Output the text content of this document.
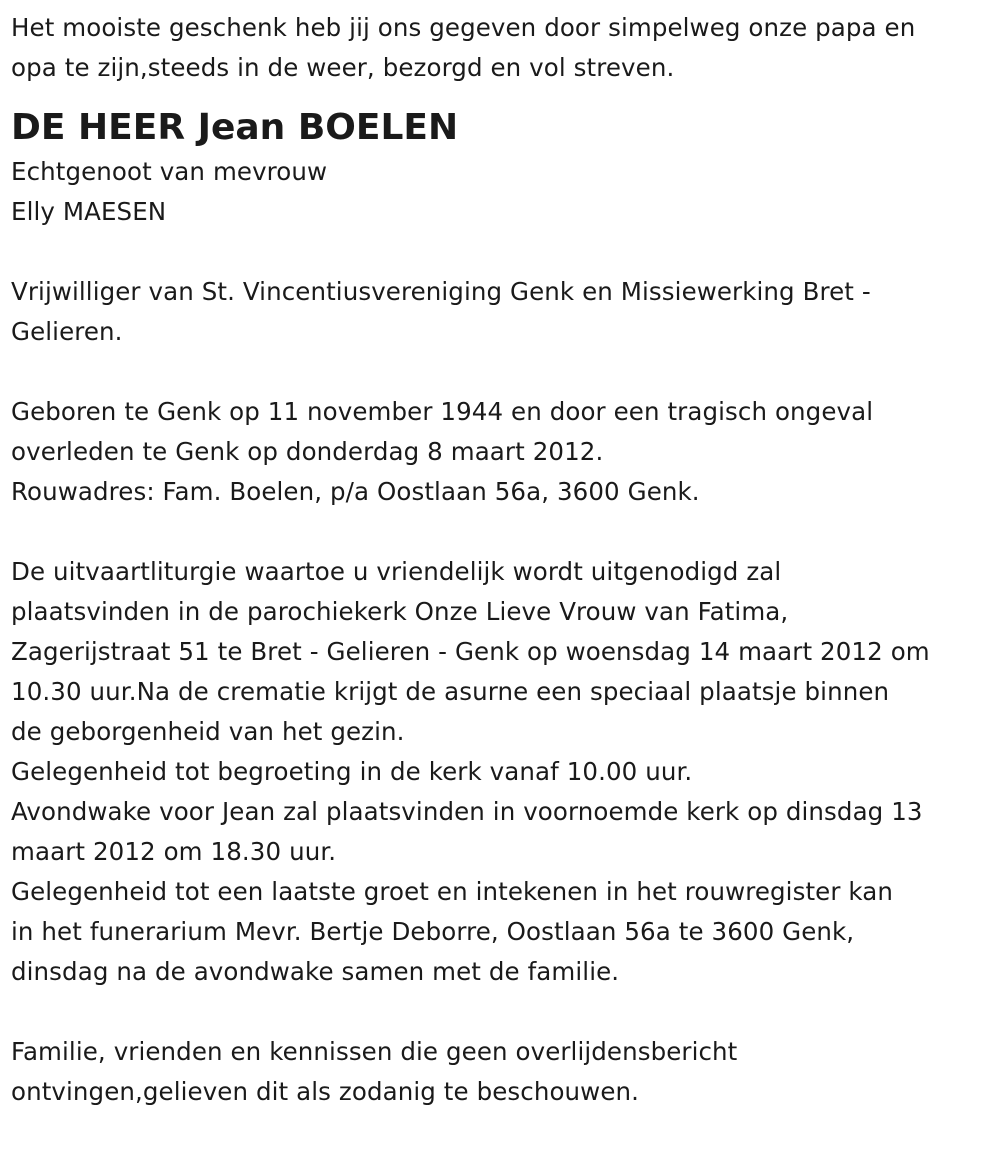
Het mooiste geschenk heb jij ons gegeven door simpelweg onze papa en
opa te zijn,steeds in de weer, bezorgd en vol streven.
DE HEER Jean BOELEN
Echtgenoot van mevrouw
Elly MAESEN
Vrijwilliger van St. Vincentiusvereniging Genk en Missiewerking Bret -
Gelieren.
Geboren te Genk op 11 november 1944 en door een tragisch ongeval
overleden te Genk op donderdag 8 maart 2012.
Rouwadres: Fam. Boelen, p/a Oostlaan 56a, 3600 Genk.
De uitvaartliturgie waartoe u vriendelijk wordt uitgenodigd zal
plaatsvinden in de parochiekerk Onze Lieve Vrouw van Fatima,
Zagerijstraat 51 te Bret - Gelieren - Genk op woensdag 14 maart 2012 om
10.30 uur.Na de crematie krijgt de asurne een speciaal plaatsje binnen
de geborgenheid van het gezin.
Gelegenheid tot begroeting in de kerk vanaf 10.00 uur.
Avondwake voor Jean zal plaatsvinden in voornoemde kerk op dinsdag 13
maart 2012 om 18.30 uur.
Gelegenheid tot een laatste groet en intekenen in het rouwregister kan
in het funerarium Mevr. Bertje Deborre, Oostlaan 56a te 3600 Genk,
dinsdag na de avondwake samen met de familie.
Familie, vrienden en kennissen die geen overlijdensbericht
ontvingen,gelieven dit als zodanig te beschouwen.
